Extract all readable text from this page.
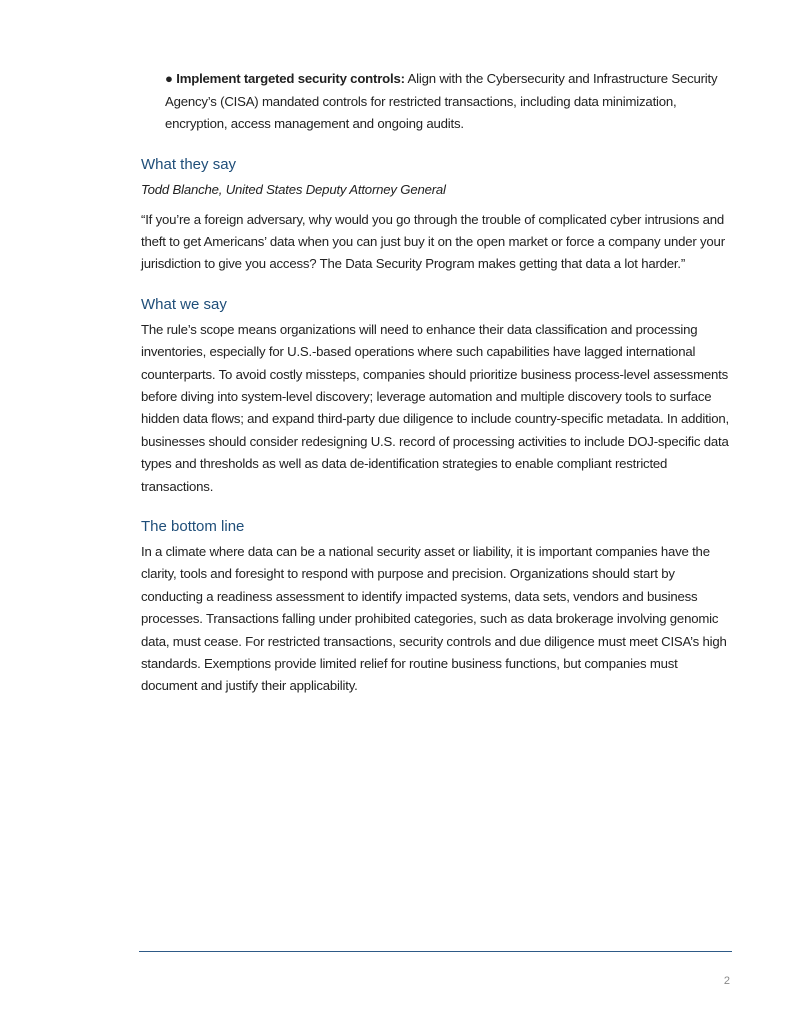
● Implement targeted security controls: Align with the Cybersecurity and Infrastructure Security Agency’s (CISA) mandated controls for restricted transactions, including data minimization, encryption, access management and ongoing audits.

What they say

Todd Blanche, United States Deputy Attorney General

“If you’re a foreign adversary, why would you go through the trouble of complicated cyber intrusions and theft to get Americans’ data when you can just buy it on the open market or force a company under your jurisdiction to give you access? The Data Security Program makes getting that data a lot harder.”

What we say

The rule’s scope means organizations will need to enhance their data classification and processing inventories, especially for U.S.-based operations where such capabilities have lagged international counterparts. To avoid costly missteps, companies should prioritize business process-level assessments before diving into system-level discovery; leverage automation and multiple discovery tools to surface hidden data flows; and expand third-party due diligence to include country-specific metadata. In addition, businesses should consider redesigning U.S. record of processing activities to include DOJ-specific data types and thresholds as well as data de-identification strategies to enable compliant restricted transactions.

The bottom line

In a climate where data can be a national security asset or liability, it is important companies have the clarity, tools and foresight to respond with purpose and precision. Organizations should start by conducting a readiness assessment to identify impacted systems, data sets, vendors and business processes. Transactions falling under prohibited categories, such as data brokerage involving genomic data, must cease. For restricted transactions, security controls and due diligence must meet CISA’s high standards. Exemptions provide limited relief for routine business functions, but companies must document and justify their applicability.

2
